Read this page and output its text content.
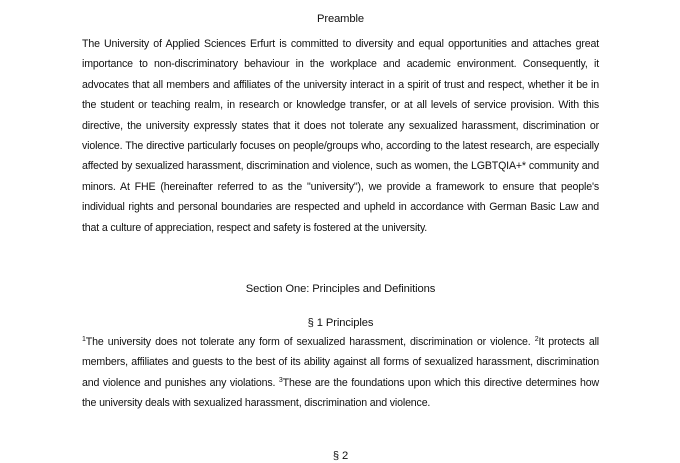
Preamble

The University of Applied Sciences Erfurt is committed to diversity and equal opportunities and attaches great importance to non-discriminatory behaviour in the workplace and academic environment. Consequently, it advocates that all members and affiliates of the university interact in a spirit of trust and respect, whether it be in the student or teaching realm, in research or knowledge transfer, or at all levels of service provision. With this directive, the university expressly states that it does not tolerate any sexualized harassment, discrimination or violence. The directive particularly focuses on people/groups who, according to the latest research, are especially affected by sexualized harassment, discrimination and violence, such as women, the LGBTQIA+* community and minors. At FHE (hereinafter referred to as the "university"), we provide a framework to ensure that people's individual rights and personal boundaries are respected and upheld in accordance with German Basic Law and that a culture of appreciation, respect and safety is fostered at the university.

Section One: Principles and Definitions
§ 1 Principles

$^1$The university does not tolerate any form of sexualized harassment, discrimination or violence. $^2$It protects all members, affiliates and guests to the best of its ability against all forms of sexualized harassment, discrimination and violence and punishes any violations. $^3$These are the foundations upon which this directive determines how the university deals with sexualized harassment, discrimination and violence.

§ 2
